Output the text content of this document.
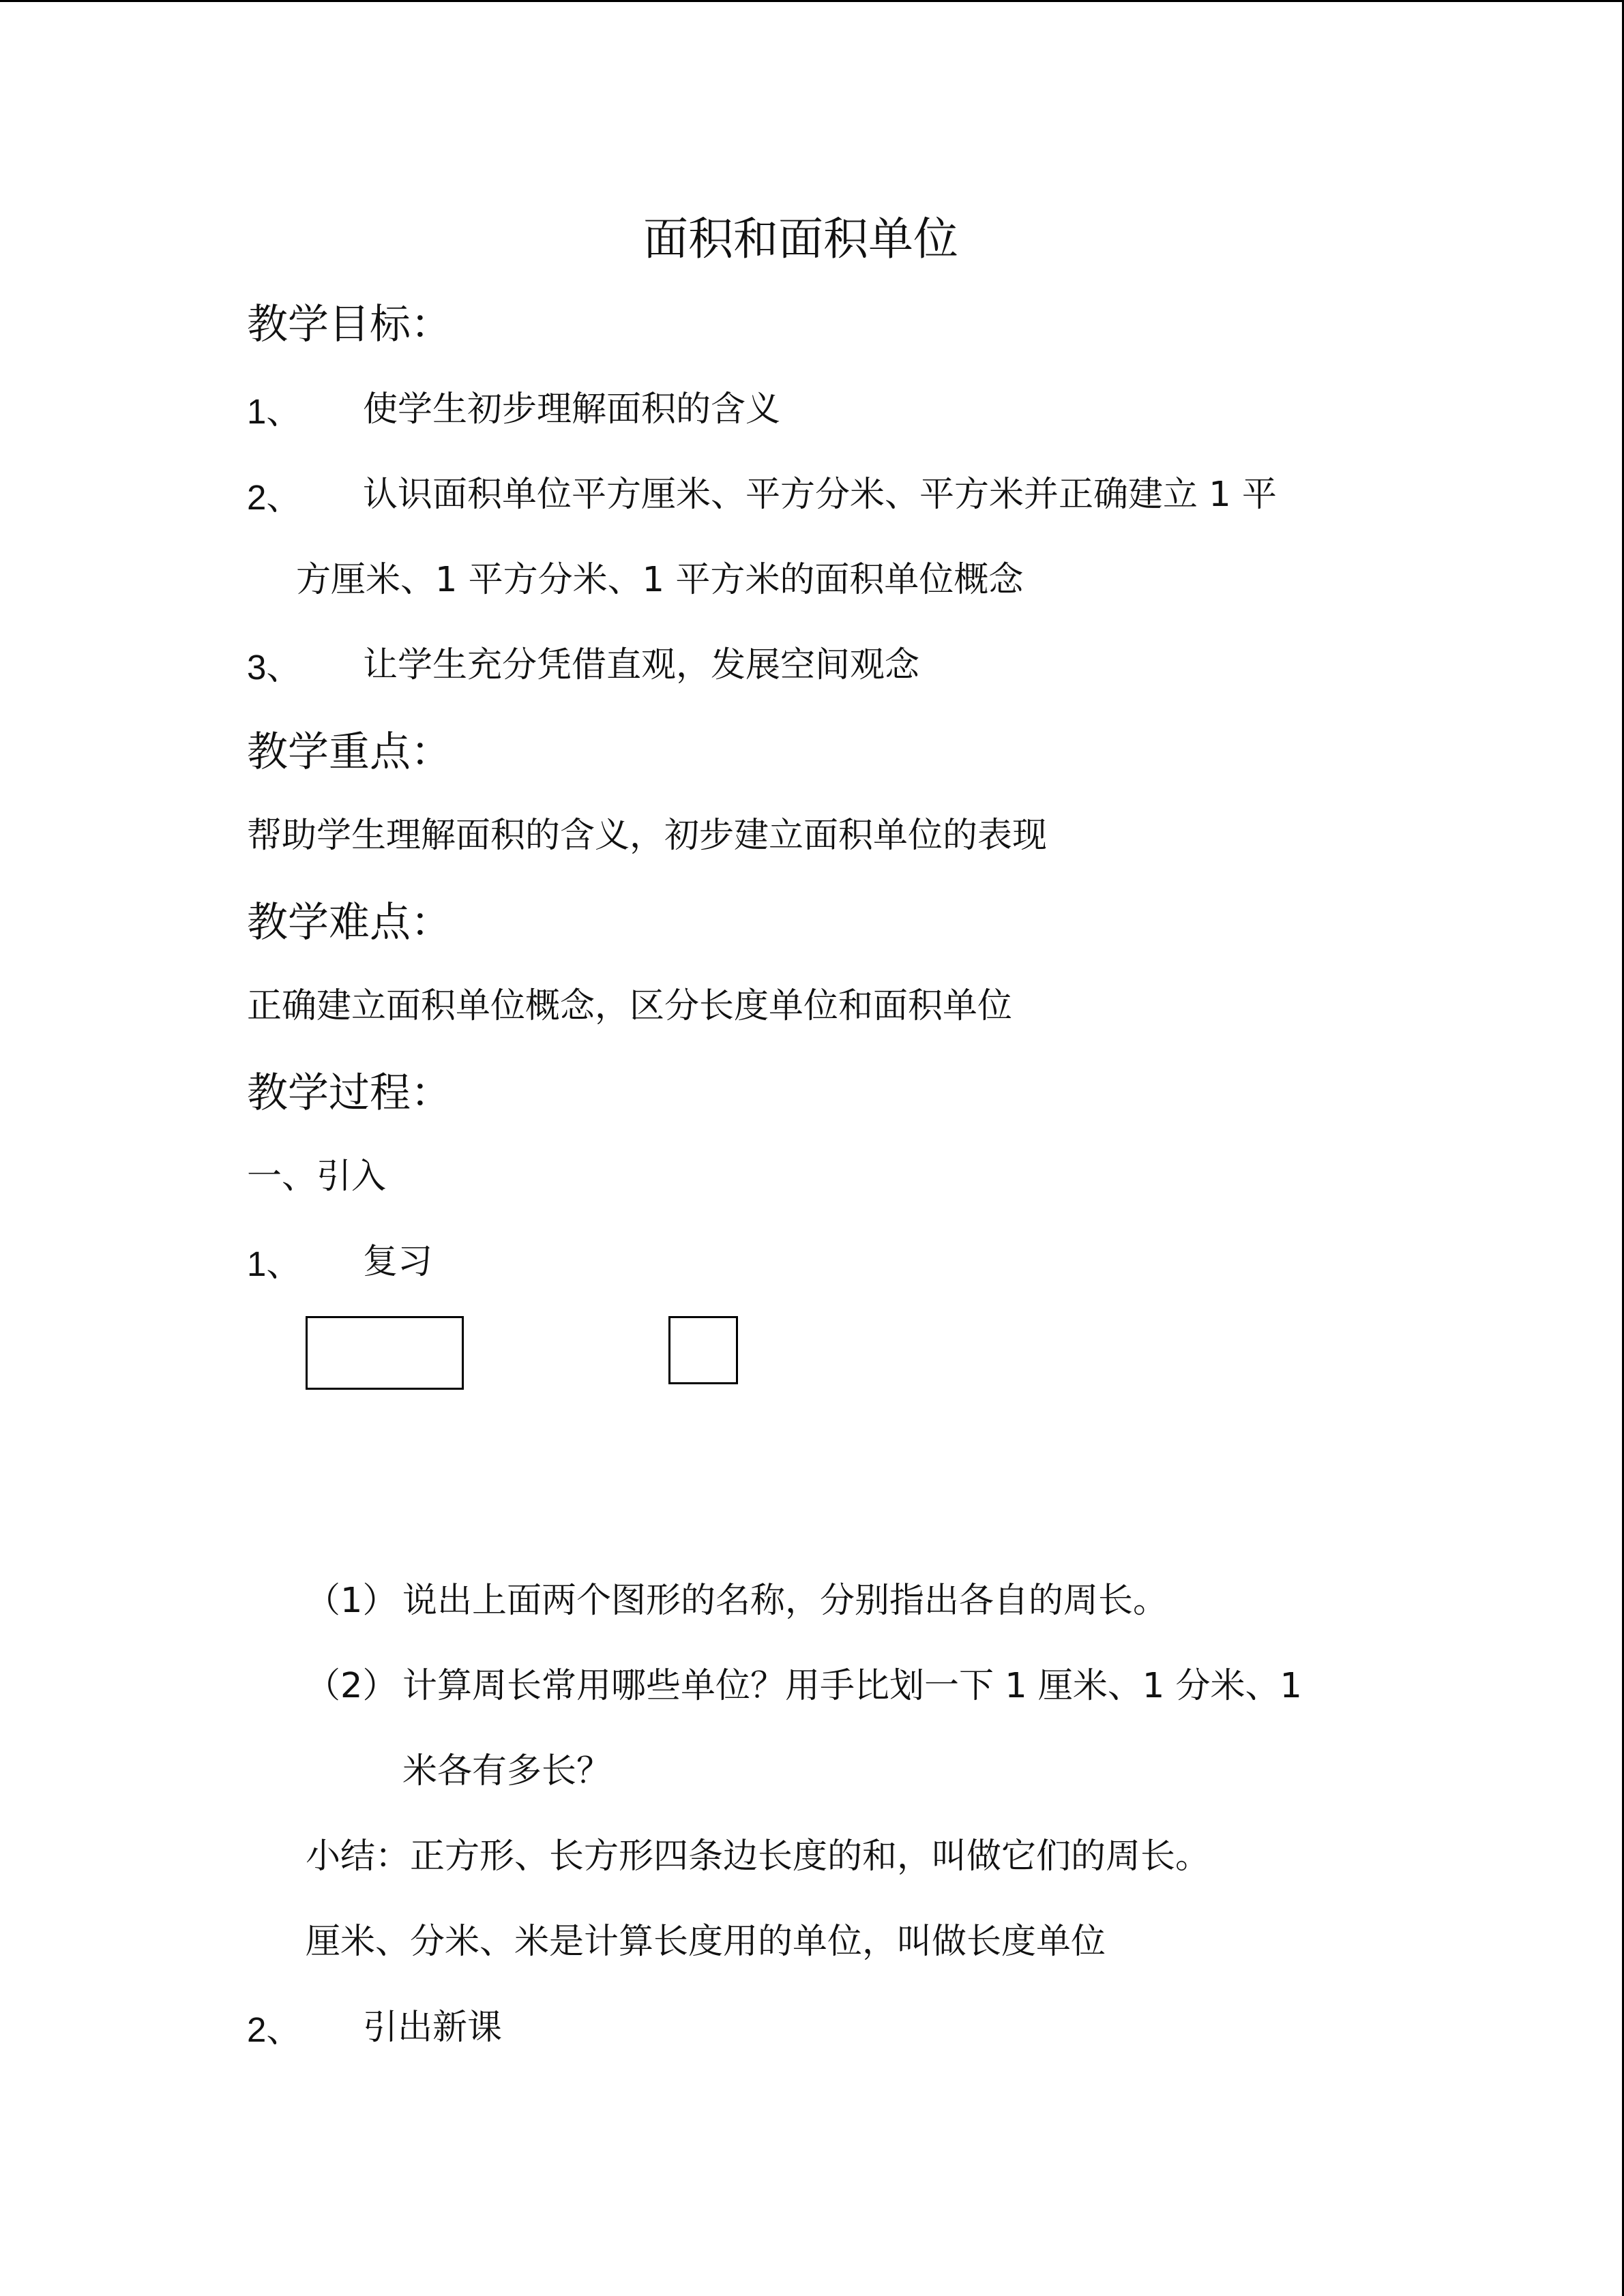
面积和面积单位
教学目标：
1、 使学生初步理解面积的含义
2、 认识面积单位平方厘米、平方分米、平方米并正确建立 1 平
方厘米、1 平方分米、1 平方米的面积单位概念
3、 让学生充分凭借直观，发展空间观念
教学重点：
帮助学生理解面积的含义，初步建立面积单位的表现
教学难点：
正确建立面积单位概念，区分长度单位和面积单位
教学过程：
一、引入
1、 复习
（1） 说出上面两个图形的名称，分别指出各自的周长。
（2） 计算周长常用哪些单位？用手比划一下 1 厘米、1 分米、1
米各有多长？
小结：正方形、长方形四条边长度的和，叫做它们的周长。
厘米、分米、米是计算长度用的单位，叫做长度单位
2、 引出新课
